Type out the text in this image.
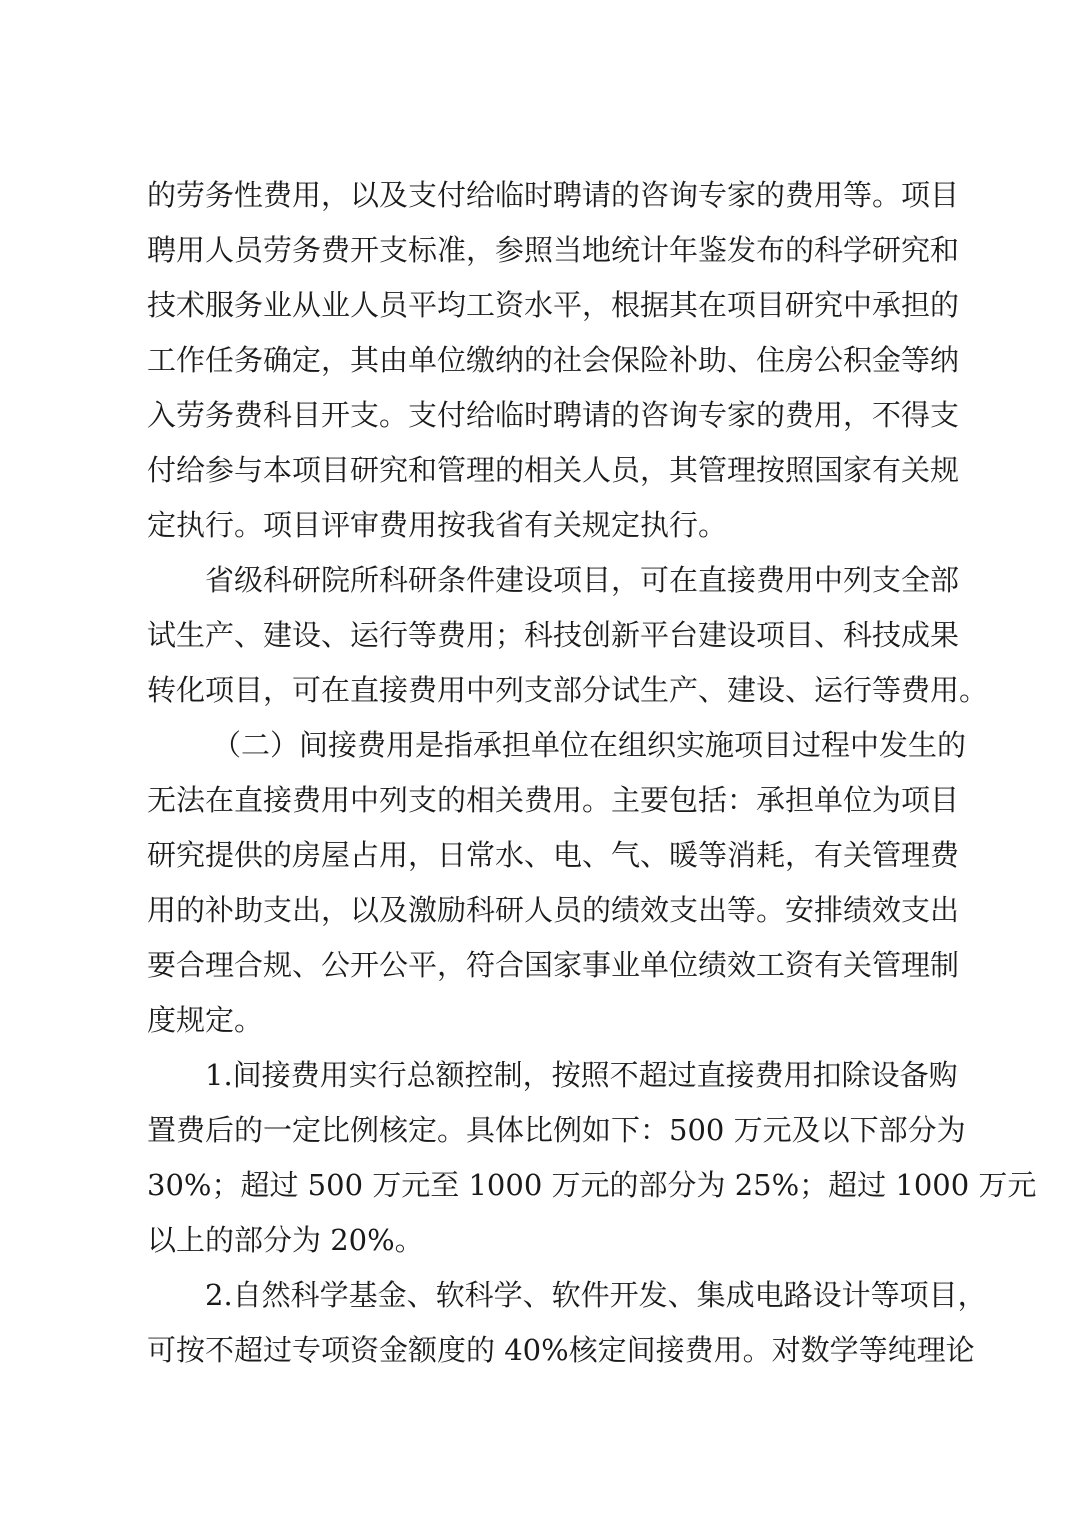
的劳务性费用，以及支付给临时聘请的咨询专家的费用等。项目
聘用人员劳务费开支标准，参照当地统计年鉴发布的科学研究和
技术服务业从业人员平均工资水平，根据其在项目研究中承担的
工作任务确定，其由单位缴纳的社会保险补助、住房公积金等纳
入劳务费科目开支。支付给临时聘请的咨询专家的费用，不得支
付给参与本项目研究和管理的相关人员，其管理按照国家有关规
定执行。项目评审费用按我省有关规定执行。
省级科研院所科研条件建设项目，可在直接费用中列支全部
试生产、建设、运行等费用；科技创新平台建设项目、科技成果
转化项目，可在直接费用中列支部分试生产、建设、运行等费用。
（二）间接费用是指承担单位在组织实施项目过程中发生的
无法在直接费用中列支的相关费用。主要包括：承担单位为项目
研究提供的房屋占用，日常水、电、气、暖等消耗，有关管理费
用的补助支出，以及激励科研人员的绩效支出等。安排绩效支出
要合理合规、公开公平，符合国家事业单位绩效工资有关管理制
度规定。
1.间接费用实行总额控制，按照不超过直接费用扣除设备购
置费后的一定比例核定。具体比例如下：500 万元及以下部分为
30%；超过 500 万元至 1000 万元的部分为 25%；超过 1000 万元
以上的部分为 20%。
2.自然科学基金、软科学、软件开发、集成电路设计等项目，
可按不超过专项资金额度的 40%核定间接费用。对数学等纯理论
